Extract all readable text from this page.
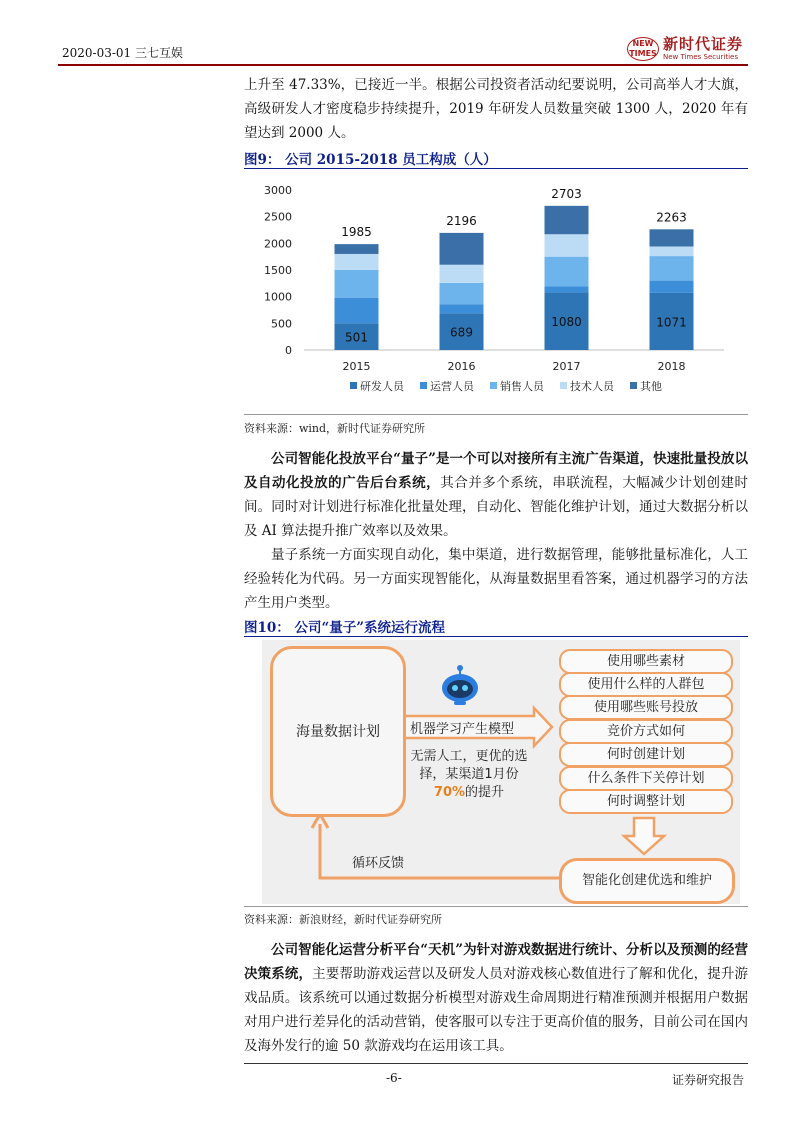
2020-03-01 三七互娱
NEW TIMES
新时代证券
New Times Securities

上升至 47.33%，已接近一半。根据公司投资者活动纪要说明，公司高举人才大旗，高级研发人才密度稳步持续提升，2019 年研发人员数量突破 1300 人，2020 年有望达到 2000 人。

图9： 公司 2015-2018 员工构成（人）
0
500
1000
1500
2000
2500
3000
501
1985
689
2196
1080
2703
1071
2263
2015	2016	2017	2018
研发人员 运营人员 销售人员 技术人员 其他
资料来源：wind，新时代证券研究所

公司智能化投放平台“量子”是一个可以对接所有主流广告渠道，快速批量投放以及自动化投放的广告后台系统，其合并多个系统，串联流程，大幅减少计划创建时间。同时对计划进行标准化批量处理，自动化、智能化维护计划，通过大数据分析以及 AI 算法提升推广效率以及效果。

量子系统一方面实现自动化，集中渠道，进行数据管理，能够批量标准化，人工经验转化为代码。另一方面实现智能化，从海量数据里看答案，通过机器学习的方法产生用户类型。

图10： 公司“量子”系统运行流程
海量数据计划	机器学习产生模型
无需人工，更优的选
择，某渠道1月份
70%的提升
使用哪些素材
使用什么样的人群包
使用哪些账号投放
竞价方式如何
何时创建计划
什么条件下关停计划
何时调整计划
智能化创建优选和维护
循环反馈
资料来源：新浪财经，新时代证券研究所

公司智能化运营分析平台“天机”为针对游戏数据进行统计、分析以及预测的经营决策系统，主要帮助游戏运营以及研发人员对游戏核心数值进行了解和优化，提升游戏品质。该系统可以通过数据分析模型对游戏生命周期进行精准预测并根据用户数据对用户进行差异化的活动营销，使客服可以专注于更高价值的服务，目前公司在国内及海外发行的逾 50 款游戏均在运用该工具。

-6-	证券研究报告
